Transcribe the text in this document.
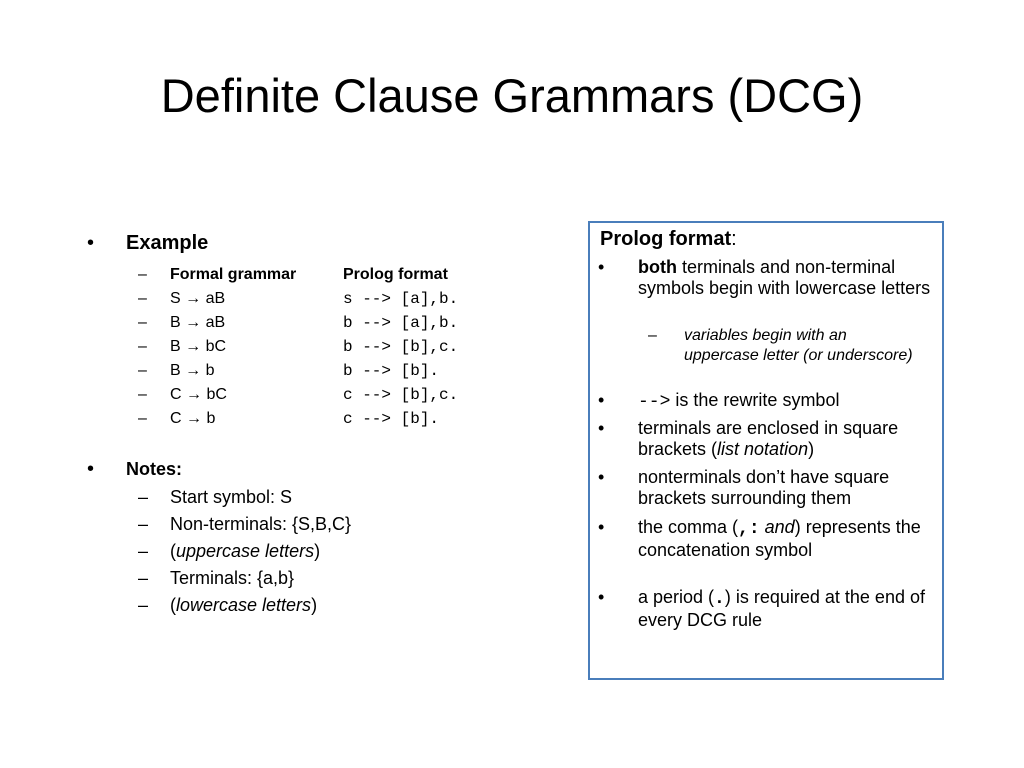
Definite Clause Grammars (DCG)
•	Example
– Formal grammar	Prolog format
– S → aB	s --> [a],b.
– B → aB	b --> [a],b.
– B → bC	b --> [b],c.
– B → b	b --> [b].
– C → bC	c --> [b],c.
– C → b	c --> [b].
•	Notes:
– Start symbol: S
– Non-terminals: {S,B,C}
– (uppercase letters)
– Terminals: {a,b}
– (lowercase letters)
Prolog format:
• both terminals and non-terminal symbols begin with lowercase letters
– variables begin with an uppercase letter (or underscore)
• --> is the rewrite symbol
• terminals are enclosed in square brackets (list notation)
• nonterminals don’t have square brackets surrounding them
• the comma (,: and) represents the concatenation symbol
• a period (.) is required at the end of every DCG rule
